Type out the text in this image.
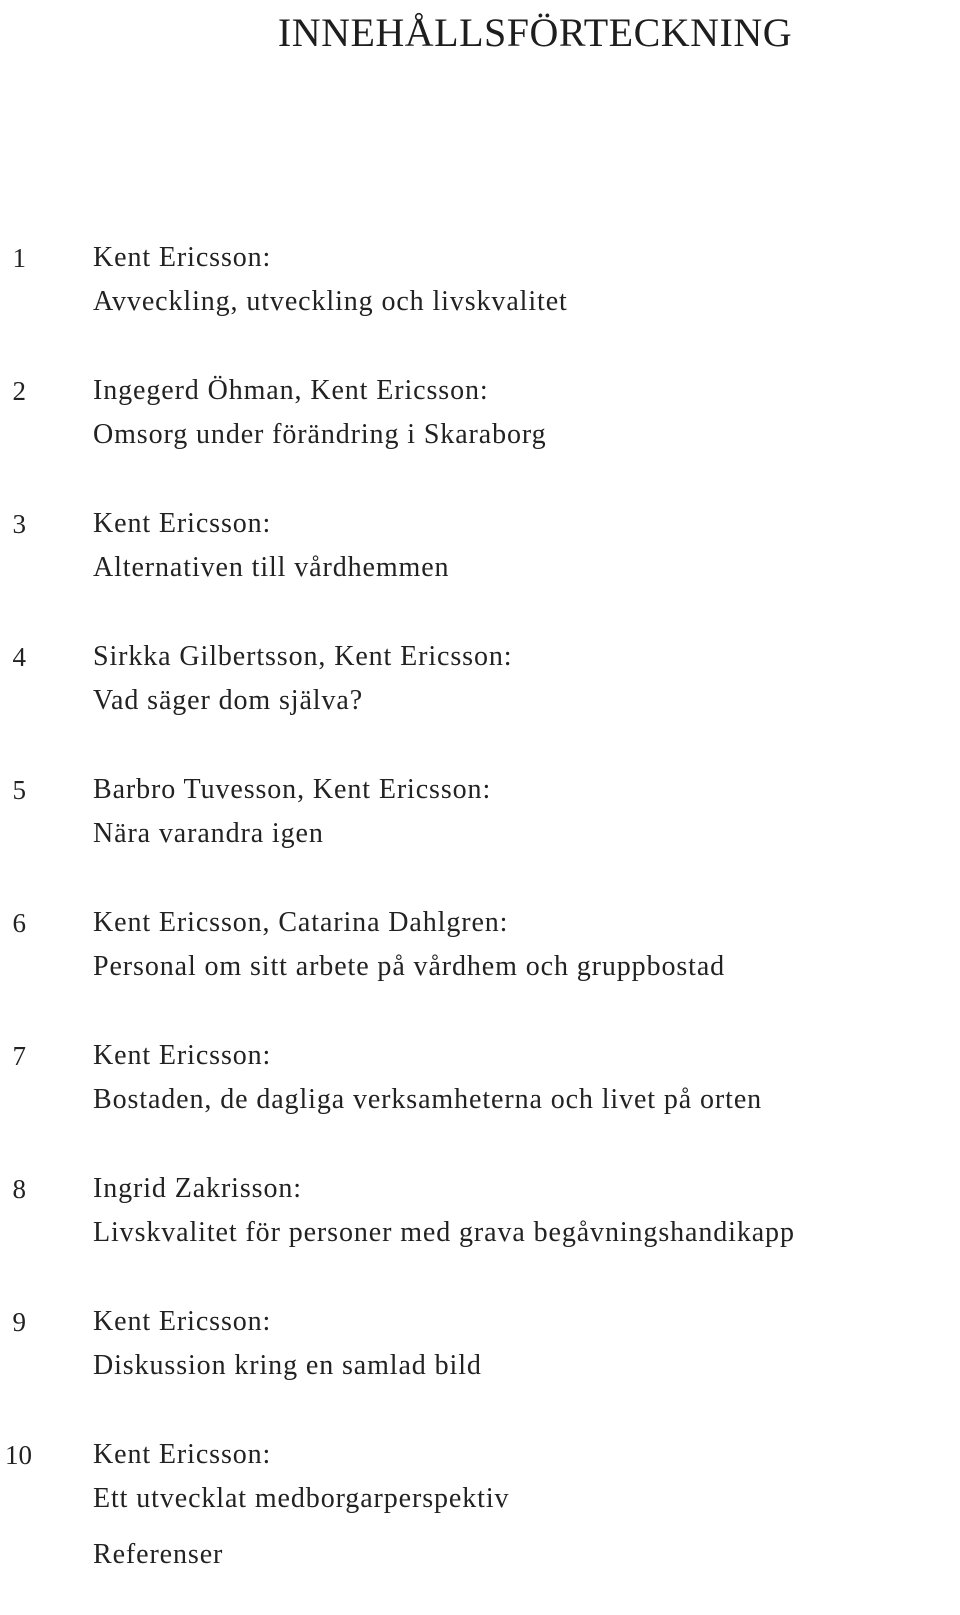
INNEHÅLLSFÖRTECKNING
1 Kent Ericsson:
Avveckling, utveckling och livskvalitet
2 Ingegerd Öhman, Kent Ericsson:
Omsorg under förändring i Skaraborg
3 Kent Ericsson:
Alternativen till vårdhemmen
4 Sirkka Gilbertsson, Kent Ericsson:
Vad säger dom själva?
5 Barbro Tuvesson, Kent Ericsson:
Nära varandra igen
6 Kent Ericsson, Catarina Dahlgren:
Personal om sitt arbete på vårdhem och gruppbostad
7 Kent Ericsson:
Bostaden, de dagliga verksamheterna och livet på orten
8 Ingrid Zakrisson:
Livskvalitet för personer med grava begåvningshandikapp
9 Kent Ericsson:
Diskussion kring en samlad bild
10 Kent Ericsson:
Ett utvecklat medborgarperspektiv
Referenser
